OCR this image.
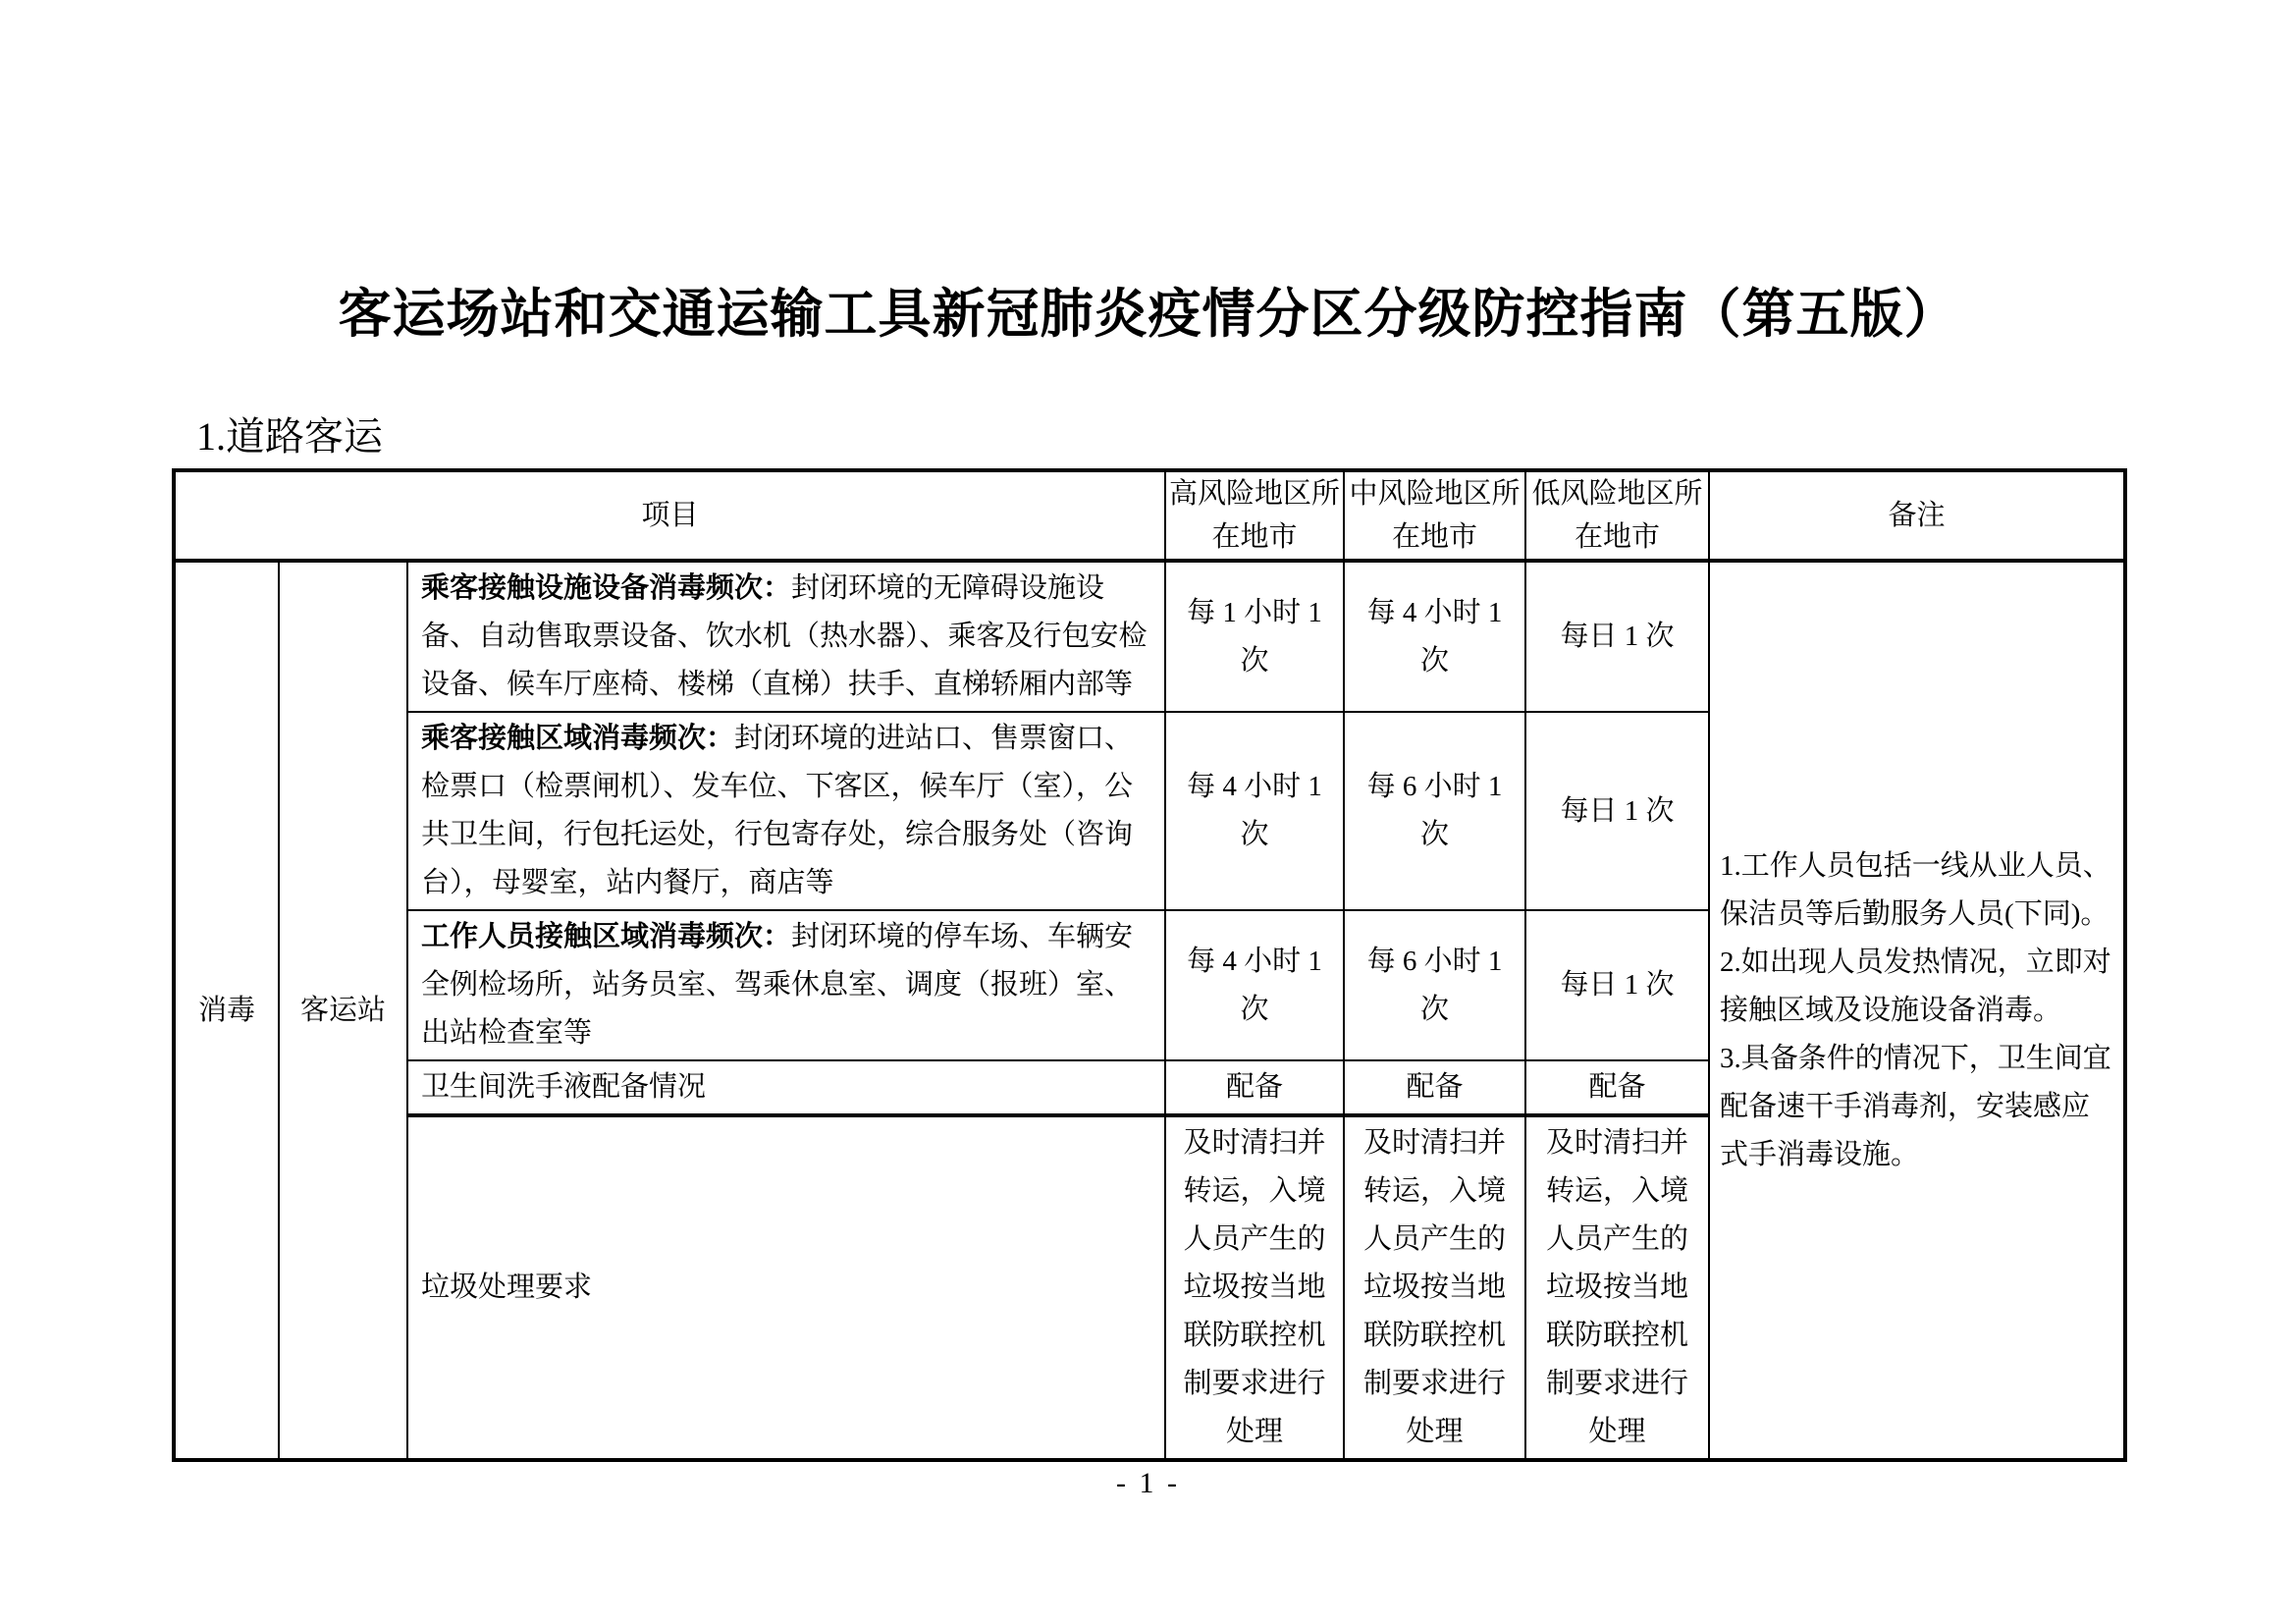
客运场站和交通运输工具新冠肺炎疫情分区分级防控指南（第五版）
1.道路客运
项目			高风险地区所在地市	中风险地区所在地市	低风险地区所在地市	备注
消毒	客运站	乘客接触设施设备消毒频次：封闭环境的无障碍设施设备、自动售取票设备、饮水机（热水器）、乘客及行包安检设备、候车厅座椅、楼梯（直梯）扶手、直梯轿厢内部等	每 1 小时 1 次	每 4 小时 1 次	每日 1 次	1.工作人员包括一线从业人员、保洁员等后勤服务人员(下同)。
2.如出现人员发热情况，立即对接触区域及设施设备消毒。
3.具备条件的情况下，卫生间宜配备速干手消毒剂，安装感应式手消毒设施。

		乘客接触区域消毒频次：封闭环境的进站口、售票窗口、检票口（检票闸机）、发车位、下客区，候车厅（室），公共卫生间，行包托运处，行包寄存处，综合服务处（咨询台），母婴室，站内餐厅，商店等	每 4 小时 1 次	每 6 小时 1 次	每日 1 次	
		工作人员接触区域消毒频次：封闭环境的停车场、车辆安全例检场所，站务员室、驾乘休息室、调度（报班）室、出站检查室等	每 4 小时 1 次	每 6 小时 1 次	每日 1 次	
		卫生间洗手液配备情况	配备	配备	配备	
		垃圾处理要求	及时清扫并转运，入境人员产生的垃圾按当地联防联控机制要求进行处理	及时清扫并转运，入境人员产生的垃圾按当地联防联控机制要求进行处理	及时清扫并转运，入境人员产生的垃圾按当地联防联控机制要求进行处理	
- 1 -
